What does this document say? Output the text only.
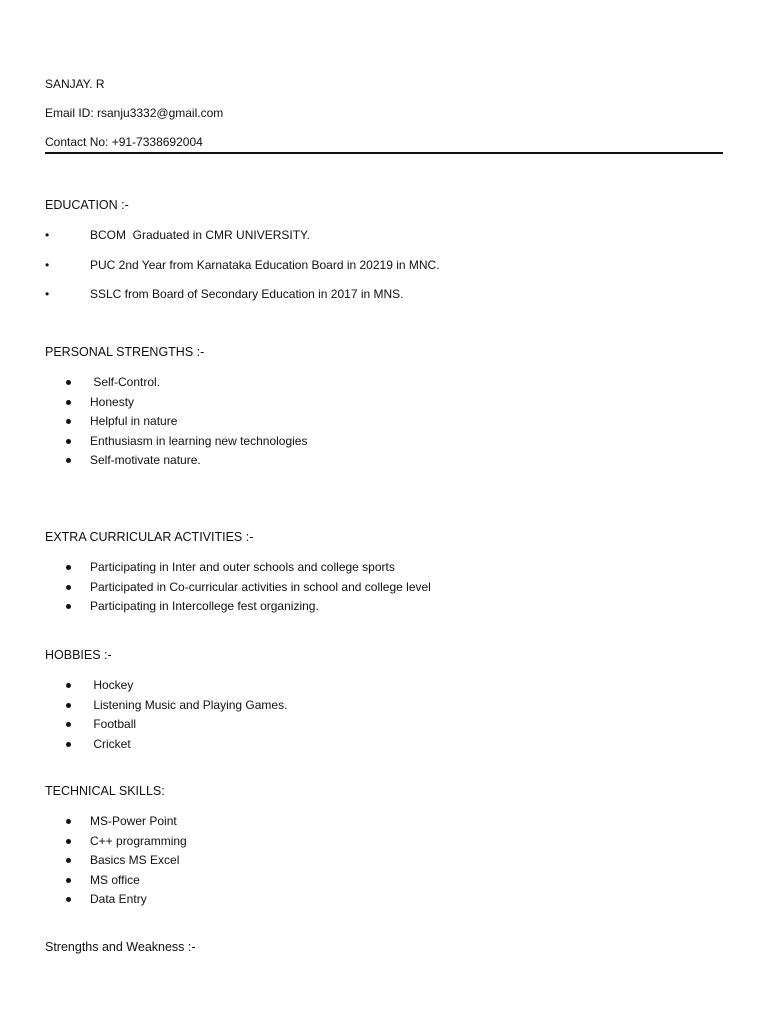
SANJAY. R
Email ID: rsanju3332@gmail.com
Contact No: +91-7338692004
EDUCATION :-

•

	BCOM  Graduated in CMR UNIVERSITY.

•

	PUC 2nd Year from Karnataka Education Board in 20219 in MNC.

•

	SSLC from Board of Secondary Education in 2017 in MNS.

PERSONAL STRENGTHS :-
Self-Control.
Honesty
Helpful in nature
Enthusiasm in learning new technologies
Self-motivate nature.
EXTRA CURRICULAR ACTIVITIES :-
Participating in Inter and outer schools and college sports
Participated in Co-curricular activities in school and college level
Participating in Intercollege fest organizing.
HOBBIES :-
Hockey
Listening Music and Playing Games.
Football
Cricket
TECHNICAL SKILLS:
MS-Power Point
C++ programming
Basics MS Excel
MS office
Data Entry
Strengths and Weakness :-
